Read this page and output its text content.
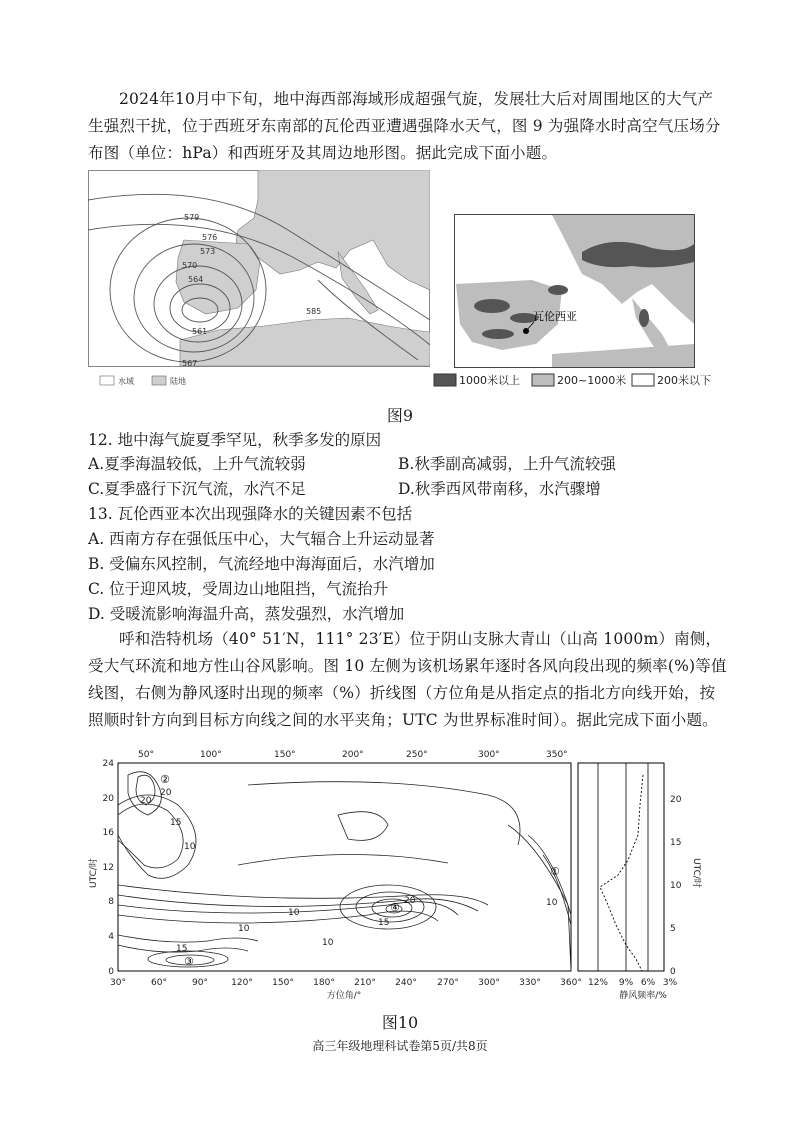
2024年10月中下旬，地中海西部海域形成超强气旋，发展壮大后对周围地区的大气产生强烈干扰，位于西班牙东南部的瓦伦西亚遭遇强降水天气，图 9 为强降水时高空气压场分布图（单位：hPa）和西班牙及其周边地形图。据此完成下面小题。

579
576
573
570
564
561
567
585
水域	陆地
瓦伦西亚
1000米以上	200~1000米	200米以下
图9
12. 地中海气旋夏季罕见，秋季多发的原因
A.夏季海温较低，上升气流较弱	B.秋季副高减弱，上升气流较强
C.夏季盛行下沉气流，水汽不足	D.秋季西风带南移，水汽骤增
13. 瓦伦西亚本次出现强降水的关键因素不包括
A. 西南方存在强低压中心，大气辐合上升运动显著
B. 受偏东风控制，气流经地中海海面后，水汽增加
C. 位于迎风坡，受周边山地阻挡，气流抬升
D. 受暖流影响海温升高，蒸发强烈，水汽增加

呼和浩特机场（40° 51′N，111° 23′E）位于阴山支脉大青山（山高 1000m）南侧，受大气环流和地方性山谷风影响。图 10 左侧为该机场累年逐时各风向段出现的频率(%)等值线图，右侧为静风逐时出现的频率（%）折线图（方位角是从指定点的指北方向线开始，按照顺时针方向到目标方向线之间的水平夹角；UTC 为世界标准时间）。据此完成下面小题。

50°	100°	150°	200°	250°	300°	350°
0
4
8
12
16
20
24
UTC/时
20
15
10
10
15
10
10
15
10
20
20
①
②
③
④
30°	60°	90°	120° 150° 180° 210° 240° 270° 300° 330° 360°
方位角/°
12% 9% 6% 3%
静风频率/%
0
5
10
15
20
UTC/时
图10
高三年级地理科试卷第5页/共8页
